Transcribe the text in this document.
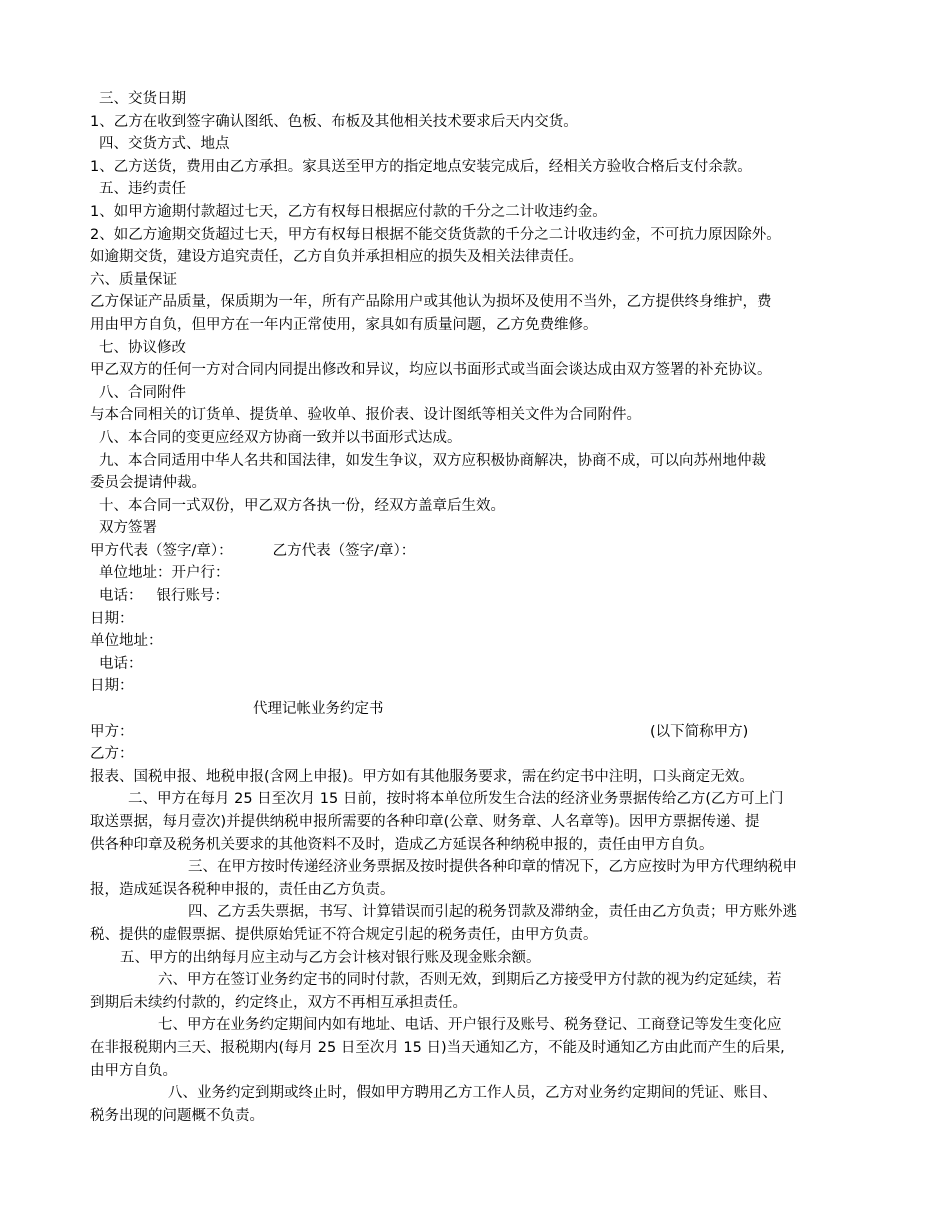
三、交货日期
1、乙方在收到签字确认图纸、色板、布板及其他相关技术要求后天内交货。
四、交货方式、地点
1、乙方送货，费用由乙方承担。家具送至甲方的指定地点安装完成后，经相关方验收合格后支付余款。
五、违约责任
1、如甲方逾期付款超过七天，乙方有权每日根据应付款的千分之二计收违约金。
2、如乙方逾期交货超过七天，甲方有权每日根据不能交货货款的千分之二计收违约金，不可抗力原因除外。
如逾期交货，建设方追究责任，乙方自负并承担相应的损失及相关法律责任。
六、质量保证
乙方保证产品质量，保质期为一年，所有产品除用户或其他认为损坏及使用不当外，乙方提供终身维护，费
用由甲方自负，但甲方在一年内正常使用，家具如有质量问题，乙方免费维修。
七、协议修改
甲乙双方的任何一方对合同内同提出修改和异议，均应以书面形式或当面会谈达成由双方签署的补充协议。
八、合同附件
与本合同相关的订货单、提货单、验收单、报价表、设计图纸等相关文件为合同附件。
八、本合同的变更应经双方协商一致并以书面形式达成。
九、本合同适用中华人名共和国法律，如发生争议，双方应积极协商解决，协商不成，可以向苏州地仲裁
委员会提请仲裁。
十、本合同一式双份，甲乙双方各执一份，经双方盖章后生效。
双方签署
甲方代表（签字/章）：	乙方代表（签字/章）：
单位地址：开户行：
电话： 银行账号：
日期：
单位地址：
电话：
日期：
代理记帐业务约定书
甲方：	(以下简称甲方)
乙方：
报表、国税申报、地税申报(含网上申报)。甲方如有其他服务要求，需在约定书中注明，口头商定无效。
二、甲方在每月 25 日至次月 15 日前，按时将本单位所发生合法的经济业务票据传给乙方(乙方可上门
取送票据，每月壹次)并提供纳税申报所需要的各种印章(公章、财务章、人名章等)。因甲方票据传递、提
供各种印章及税务机关要求的其他资料不及时，造成乙方延误各种纳税申报的，责任由甲方自负。
三、在甲方按时传递经济业务票据及按时提供各种印章的情况下，乙方应按时为甲方代理纳税申
报，造成延误各税种申报的，责任由乙方负责。
四、乙方丢失票据，书写、计算错误而引起的税务罚款及滞纳金，责任由乙方负责；甲方账外逃
税、提供的虚假票据、提供原始凭证不符合规定引起的税务责任，由甲方负责。
五、甲方的出纳每月应主动与乙方会计核对银行账及现金账余额。
六、甲方在签订业务约定书的同时付款，否则无效，到期后乙方接受甲方付款的视为约定延续，若
到期后未续约付款的，约定终止，双方不再相互承担责任。
七、甲方在业务约定期间内如有地址、电话、开户银行及账号、税务登记、工商登记等发生变化应
在非报税期内三天、报税期内(每月 25 日至次月 15 日)当天通知乙方，不能及时通知乙方由此而产生的后果,
由甲方自负。
八、业务约定到期或终止时，假如甲方聘用乙方工作人员，乙方对业务约定期间的凭证、账目、
税务出现的问题概不负责。
